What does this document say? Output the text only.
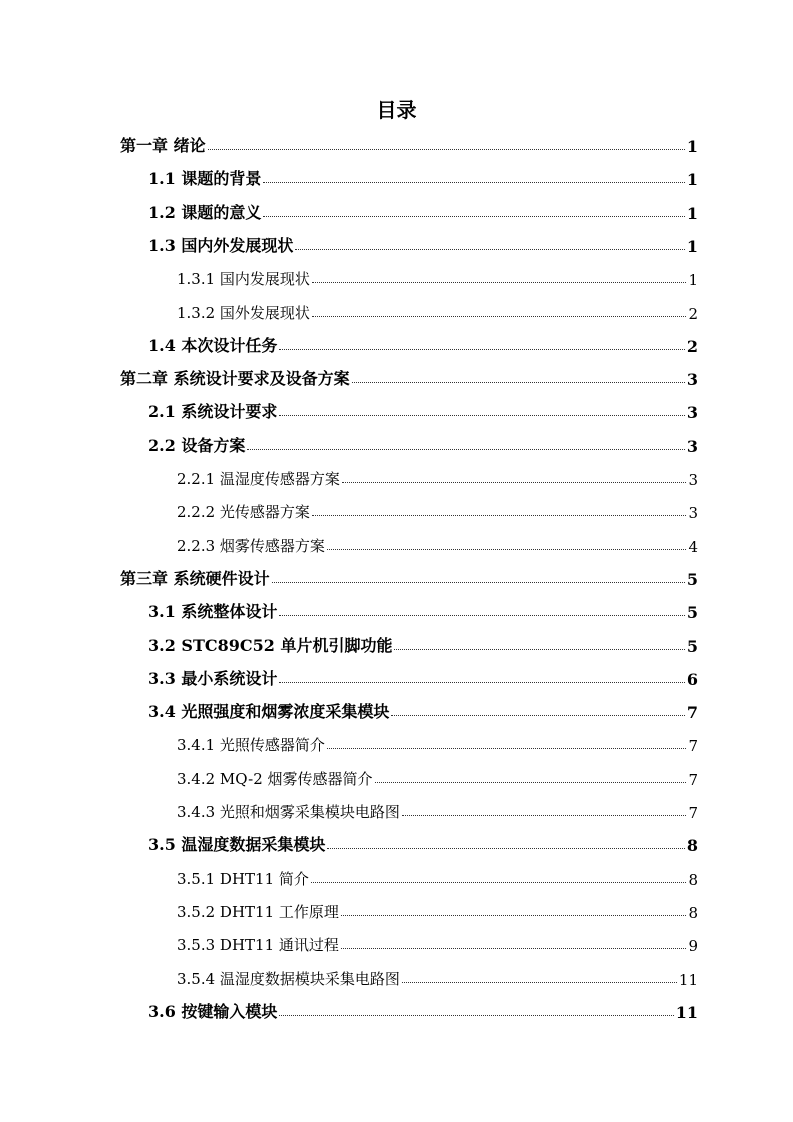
目录
第一章 绪论	1
1.1 课题的背景	1
1.2 课题的意义	1
1.3 国内外发展现状	1
1.3.1 国内发展现状	1
1.3.2 国外发展现状	2
1.4 本次设计任务	2
第二章 系统设计要求及设备方案	3
2.1 系统设计要求	3
2.2 设备方案	3
2.2.1 温湿度传感器方案	3
2.2.2 光传感器方案	3
2.2.3 烟雾传感器方案	4
第三章 系统硬件设计	5
3.1 系统整体设计	5
3.2 STC89C52 单片机引脚功能	5
3.3 最小系统设计	6
3.4 光照强度和烟雾浓度采集模块	7
3.4.1 光照传感器简介	7
3.4.2 MQ-2 烟雾传感器简介	7
3.4.3 光照和烟雾采集模块电路图	7
3.5 温湿度数据采集模块	8
3.5.1 DHT11 简介	8
3.5.2 DHT11 工作原理	8
3.5.3 DHT11 通讯过程	9
3.5.4 温湿度数据模块采集电路图	11
3.6 按键输入模块	11
